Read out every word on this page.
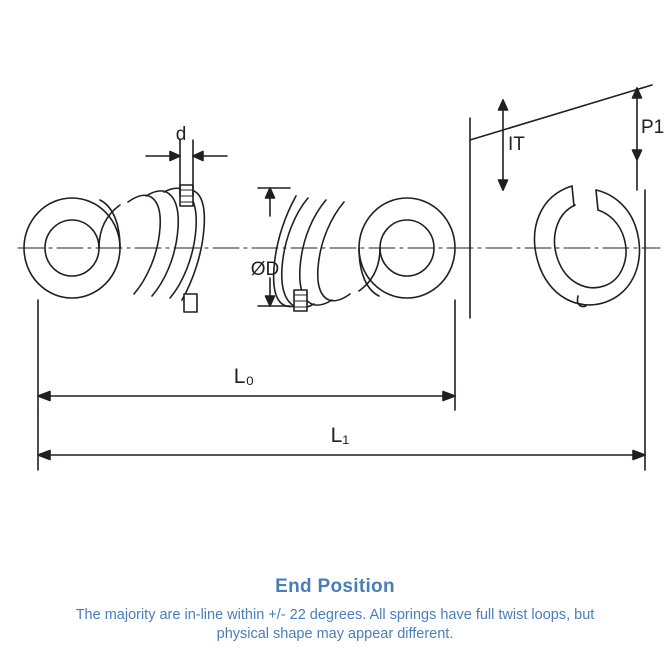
d
ØD
IT
P1
L₀
L₁

End Position

The majority are in-line within +/- 22 degrees. All springs have full twist loops, but physical shape may appear different.
